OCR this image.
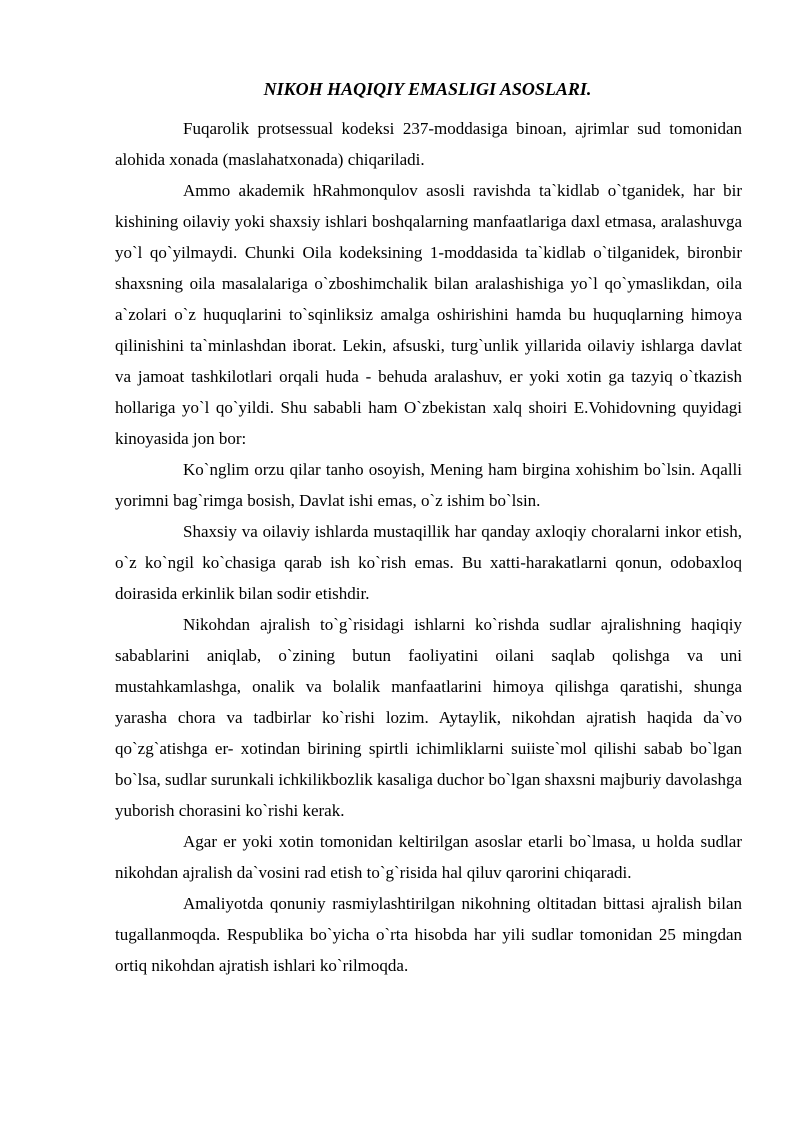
NIKOH HAQIQIY EMASLIGI ASOSLARI.

Fuqarolik protsessual kodeksi 237-moddasiga binoan, ajrimlar sud tomonidan alohida xonada (maslahatxonada) chiqariladi.

Ammo akademik hRahmonqulov asosli ravishda ta`kidlab o`tganidek, har bir kishining oilaviy yoki shaxsiy ishlari boshqalarning manfaatlariga daxl etmasa, aralashuvga yo`l qo`yilmaydi. Chunki Oila kodeksining 1-moddasida ta`kidlab o`tilganidek, bironbir shaxsning oila masalalariga o`zboshimchalik bilan aralashishiga yo`l qo`ymaslikdan, oila a`zolari o`z huquqlarini to`sqinliksiz amalga oshirishini hamda bu huquqlarning himoya qilinishini ta`minlashdan iborat. Lekin, afsuski, turg`unlik yillarida oilaviy ishlarga davlat va jamoat tashkilotlari orqali huda - behuda aralashuv, er yoki xotin ga tazyiq o`tkazish hollariga yo`l qo`yildi. Shu sababli ham O`zbekistan xalq shoiri E.Vohidovning quyidagi kinoyasida jon bor:

Ko`nglim orzu qilar tanho osoyish, Mening ham birgina xohishim bo`lsin. Aqalli yorimni bag`rimga bosish, Davlat ishi emas, o`z ishim bo`lsin.

Shaxsiy va oilaviy ishlarda mustaqillik har qanday axloqiy choralarni inkor etish, o`z ko`ngil ko`chasiga qarab ish ko`rish emas. Bu xatti-harakatlarni qonun, odobaxloq doirasida erkinlik bilan sodir etishdir.

Nikohdan ajralish to`g`risidagi ishlarni ko`rishda sudlar ajralishning haqiqiy sabablarini aniqlab, o`zining butun faoliyatini oilani saqlab qolishga va uni mustahkamlashga, onalik va bolalik manfaatlarini himoya qilishga qaratishi, shunga yarasha chora va tadbirlar ko`rishi lozim. Aytaylik, nikohdan ajratish haqida da`vo qo`zg`atishga er- xotindan birining spirtli ichimliklarni suiiste`mol qilishi sabab bo`lgan bo`lsa, sudlar surunkali ichkilikbozlik kasaliga duchor bo`lgan shaxsni majburiy davolashga yuborish chorasini ko`rishi kerak.

Agar er yoki xotin tomonidan keltirilgan asoslar etarli bo`lmasa, u holda sudlar nikohdan ajralish da`vosini rad etish to`g`risida hal qiluv qarorini chiqaradi.

Amaliyotda qonuniy rasmiylashtirilgan nikohning oltitadan bittasi ajralish bilan tugallanmoqda. Respublika bo`yicha o`rta hisobda har yili sudlar tomonidan 25 mingdan ortiq nikohdan ajratish ishlari ko`rilmoqda.
